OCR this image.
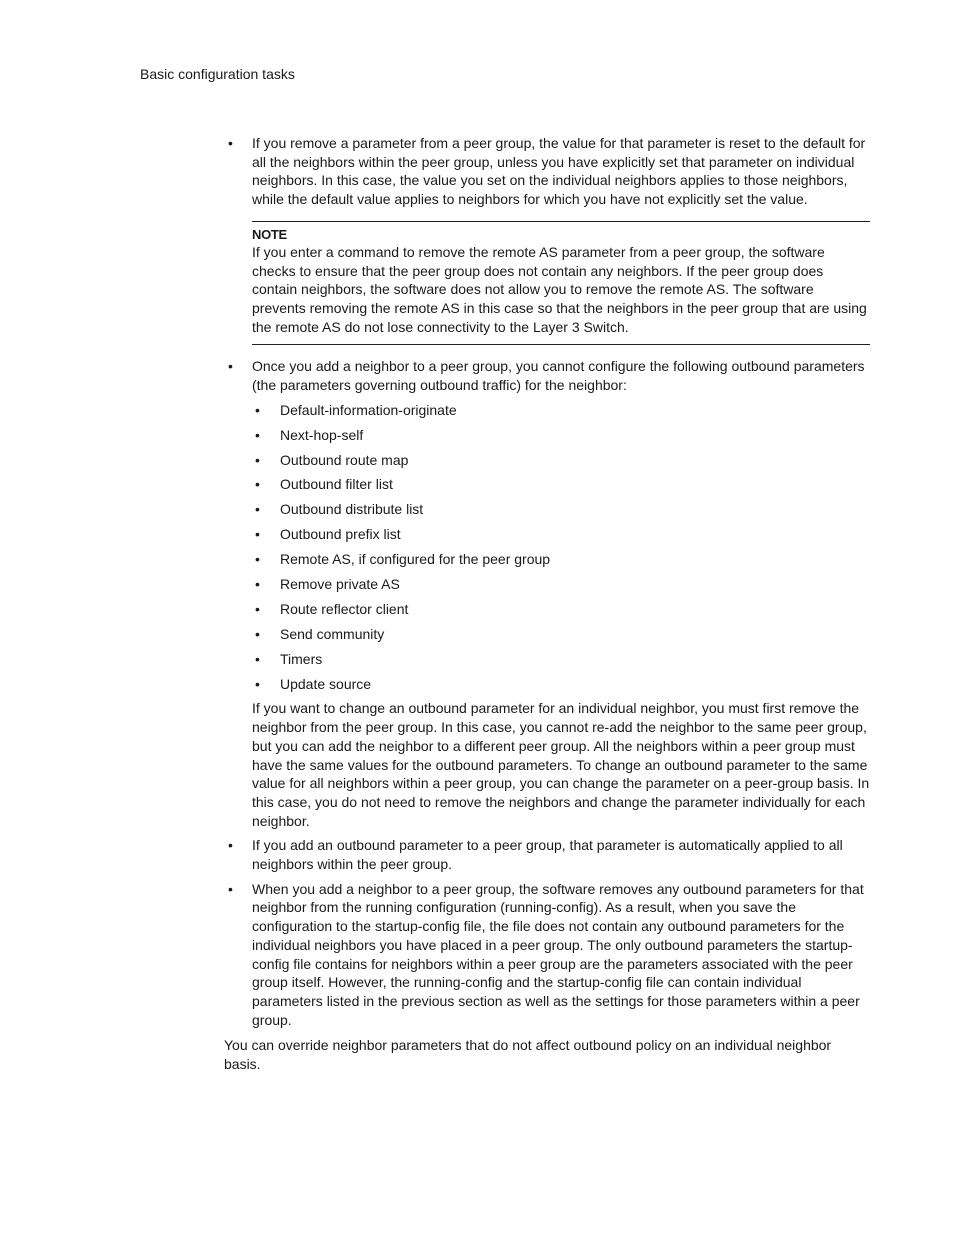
Basic configuration tasks
• If you remove a parameter from a peer group, the value for that parameter is reset to the default for all the neighbors within the peer group, unless you have explicitly set that parameter on individual neighbors. In this case, the value you set on the individual neighbors applies to those neighbors, while the default value applies to neighbors for which you have not explicitly set the value.

NOTE

If you enter a command to remove the remote AS parameter from a peer group, the software checks to ensure that the peer group does not contain any neighbors. If the peer group does contain neighbors, the software does not allow you to remove the remote AS. The software prevents removing the remote AS in this case so that the neighbors in the peer group that are using the remote AS do not lose connectivity to the Layer 3 Switch.

• Once you add a neighbor to a peer group, you cannot configure the following outbound parameters (the parameters governing outbound traffic) for the neighbor:

• Default-information-originate
• Next-hop-self
• Outbound route map
• Outbound filter list
• Outbound distribute list
• Outbound prefix list
• Remote AS, if configured for the peer group
• Remove private AS
• Route reflector client
• Send community
• Timers
• Update source

If you want to change an outbound parameter for an individual neighbor, you must first remove the neighbor from the peer group. In this case, you cannot re-add the neighbor to the same peer group, but you can add the neighbor to a different peer group. All the neighbors within a peer group must have the same values for the outbound parameters. To change an outbound parameter to the same value for all neighbors within a peer group, you can change the parameter on a peer-group basis. In this case, you do not need to remove the neighbors and change the parameter individually for each neighbor.

• If you add an outbound parameter to a peer group, that parameter is automatically applied to all neighbors within the peer group.

• When you add a neighbor to a peer group, the software removes any outbound parameters for that neighbor from the running configuration (running-config). As a result, when you save the configuration to the startup-config file, the file does not contain any outbound parameters for the individual neighbors you have placed in a peer group. The only outbound parameters the startup-config file contains for neighbors within a peer group are the parameters associated with the peer group itself. However, the running-config and the startup-config file can contain individual parameters listed in the previous section as well as the settings for those parameters within a peer group.

You can override neighbor parameters that do not affect outbound policy on an individual neighbor basis.
